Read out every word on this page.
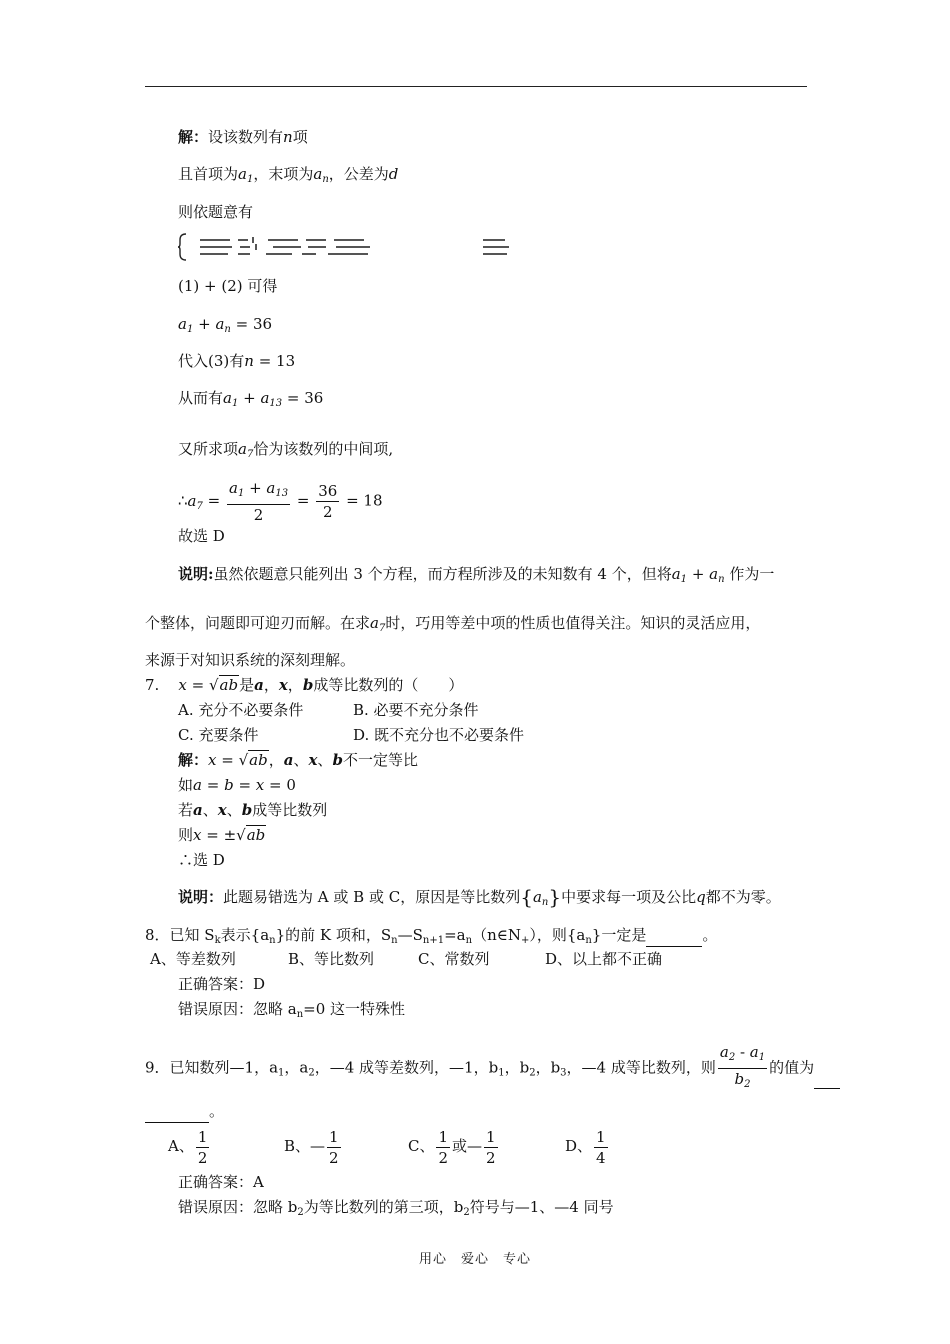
解：设该数列有n项
且首项为$a_1$，末项为$a_n$，公差为d
则依题意有
(1) + (2) 可得
$a_1 + a_n = 36$
代入(3)有n = 13
从而有$a_1 + a_{13} = 36$
又所求项$a_7$恰为该数列的中间项,
$\therefore a_7 = \frac{a_1 + a_{13}}{2} = \frac{36}{2} = 18$
故选 D
说明:虽然依题意只能列出 3 个方程，而方程所涉及的未知数有 4 个，但将$a_1 + a_n$ 作为一
个整体，问题即可迎刃而解。在求$a_7$时，巧用等差中项的性质也值得关注。知识的灵活应用，
来源于对知识系统的深刻理解。
7. x = √ab是a，x，b成等比数列的（　　）
A. 充分不必要条件	B. 必要不充分条件
C. 充要条件	D. 既不充分也不必要条件
解：x = √ab，a、x、b不一定等比
如a = b = x = 0
若a、x、b成等比数列
则x = ±√ab
∴选 D
说明：此题易错选为 A 或 B 或 C，原因是等比数列$\{a_n\}$中要求每一项及公比q都不为零。
8．已知 $S_k$表示$\{a_n\}$的前 K 项和，$S_n—S_{n+1}=a_n(n\in N_+)$，则$\{a_n\}$一定是	。
A、等差数列	B、等比数列	C、常数列	D、以上都不正确
正确答案：D
错误原因：忽略 $a_n=0$ 这一特殊性
9．已知数列—1，$a_1$，$a_2$，—4 成等差数列，—1，$b_1$，$b_2$，$b_3$，—4 成等比数列，则 $\frac{a_2 - a_1}{b_2}$ 的值为
。
A、 $\frac{1}{2}$	B、— $\frac{1}{2}$	C、 $\frac{1}{2}$ 或— $\frac{1}{2}$	D、 $\frac{1}{4}$
正确答案：A
错误原因：忽略 $b_2$为等比数列的第三项，$b_2$符号与—1、—4 同号
用心　爱心　专心
